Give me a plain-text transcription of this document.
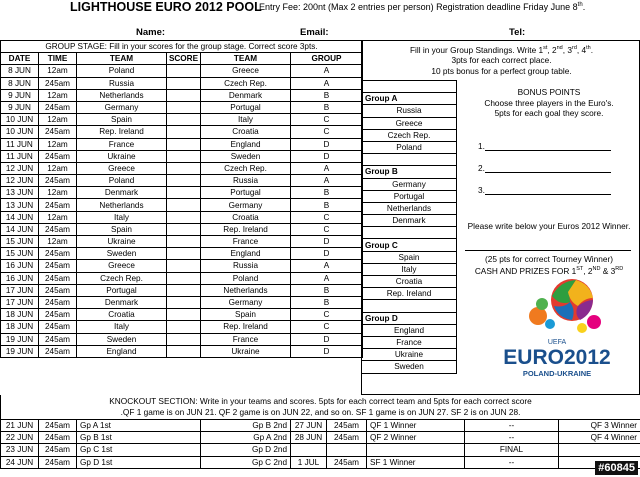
LIGHTHOUSE EURO 2012 POOL
Entry Fee: 200nt (Max 2 entries per person) Registration deadline Friday June 8th.
Name:	Email:	Tel:
GROUP STAGE: Fill in your scores for the group stage. Correct score 3pts.					
DATE	TIME	TEAM	SCORE	TEAM	GROUP
8 JUN	12am	Poland		Greece	A
8 JUN	245am	Russia		Czech Rep.	A
9 JUN	12am	Netherlands		Denmark	B
9 JUN	245am	Germany		Portugal	B
10 JUN	12am	Spain		Italy	C
10 JUN	245am	Rep. Ireland		Croatia	C
11 JUN	12am	France		England	D
11 JUN	245am	Ukraine		Sweden	D
12 JUN	12am	Greece		Czech Rep.	A
12 JUN	245am	Poland		Russia	A
13 JUN	12am	Denmark		Portugal	B
13 JUN	245am	Netherlands		Germany	B
14 JUN	12am	Italy		Croatia	C
14 JUN	245am	Spain		Rep. Ireland	C
15 JUN	12am	Ukraine		France	D
15 JUN	245am	Sweden		England	D
16 JUN	245am	Greece		Russia	A
16 JUN	245am	Czech Rep.		Poland	A
17 JUN	245am	Portugal		Netherlands	B
17 JUN	245am	Denmark		Germany	B
18 JUN	245am	Croatia		Spain	C
18 JUN	245am	Italy		Rep. Ireland	C
19 JUN	245am	Sweden		France	D
19 JUN	245am	England		Ukraine	D
Fill in your Group Standings. Write 1st, 2nd, 3rd, 4th.
3pts for each correct place.
10 pts bonus for a perfect group table.
BONUS POINTS
Choose three players in the Euro's.
5pts for each goal they score.
1.
2.
3.
Please write below your Euros 2012 Winner.
(25 pts for correct Tourney Winner)
CASH AND PRIZES FOR 1ST, 2ND & 3RD

Group A
Russia
Greece
Czech Rep.
Poland

Group B
Germany
Portugal
Netherlands
Denmark

Group C
Spain
Italy
Croatia
Rep. Ireland

Group D
England
France
Ukraine
Sweden
UEFA
EURO2012
POLAND-UKRAINE
KNOCKOUT SECTION: Write in your teams and scores. 5pts for each correct team and 5pts for each correct score
.QF 1 game is on JUN 21. QF 2 game is on JUN 22, and so on. SF 1 game is on JUN 27. SF 2 is on JUN 28.
21 JUN	245am	Gp A 1st	Gp B 2nd	27 JUN	245am	QF 1 Winner	--	QF 3 Winner
22 JUN	245am	Gp B 1st	Gp A 2nd	28 JUN	245am	QF 2 Winner	--	QF 4 Winner
23 JUN	245am	Gp C 1st	Gp D 2nd				FINAL	
24 JUN	245am	Gp D 1st	Gp C 2nd	1 JUL	245am	SF 1 Winner	--		#60845
